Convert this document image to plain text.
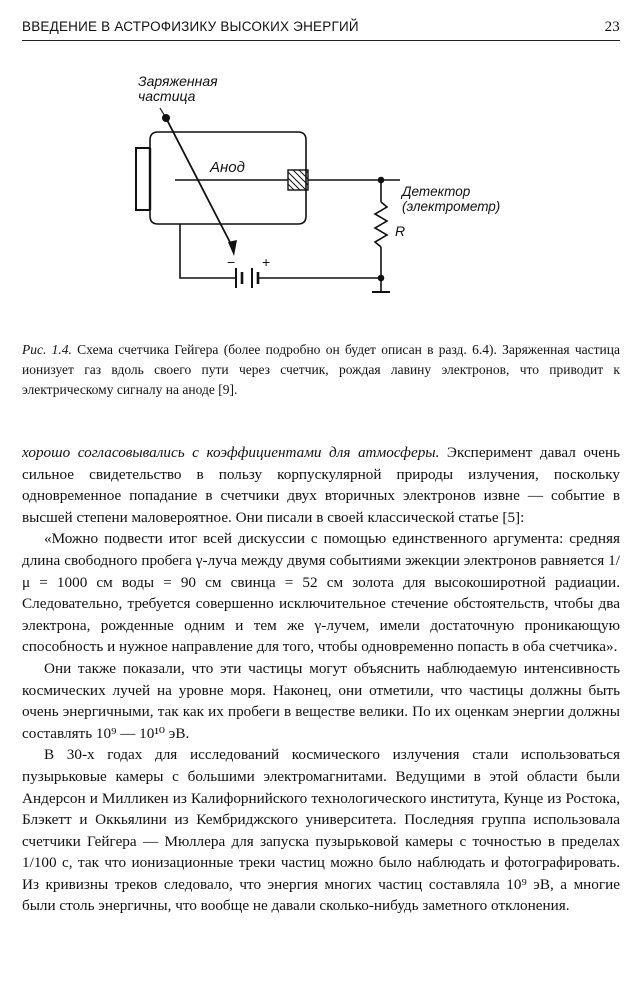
ВВЕДЕНИЕ В АСТРОФИЗИКУ ВЫСОКИХ ЭНЕРГИЙ	23
Заряженная
частица
Анод
Детектор
(электрометр)
R
− +
Рис. 1.4. Схема счетчика Гейгера (более подробно он будет описан в разд. 6.4). Заряженная частица ионизует газ вдоль своего пути через счетчик, рождая лавину электронов, что приводит к электрическому сигналу на аноде [9].

хорошо согласовывались с коэффициентами для атмосферы. Эксперимент давал очень сильное свидетельство в пользу корпускулярной природы излучения, поскольку одновременное попадание в счетчики двух вторичных электронов извне — событие в высшей степени маловероятное. Они писали в своей классической статье [5]:

«Можно подвести итог всей дискуссии с помощью единственного аргумента: средняя длина свободного пробега γ-луча между двумя событиями эжекции электронов равняется 1/μ = 1000 см воды = 90 см свинца = 52 см золота для высокоширотной радиации. Следовательно, требуется совершенно исключительное стечение обстоятельств, чтобы два электрона, рожденные одним и тем же γ-лучем, имели достаточную проникающую способность и нужное направление для того, чтобы одновременно попасть в оба счетчика».

Они также показали, что эти частицы могут объяснить наблюдаемую интенсивность космических лучей на уровне моря. Наконец, они отметили, что частицы должны быть очень энергичными, так как их пробеги в веществе велики. По их оценкам энергии должны составлять 10⁹ — 10¹⁰ эВ.

В 30-х годах для исследований космического излучения стали использоваться пузырьковые камеры с большими электромагнитами. Ведущими в этой области были Андерсон и Милликен из Калифорнийского технологического института, Кунце из Ростока, Блэкетт и Оккьялини из Кембриджского университета. Последняя группа использовала счетчики Гейгера — Мюллера для запуска пузырьковой камеры с точностью в пределах 1/100 с, так что ионизационные треки частиц можно было наблюдать и фотографировать. Из кривизны треков следовало, что энергия многих частиц составляла 10⁹ эВ, а многие были столь энергичны, что вообще не давали сколько-нибудь заметного отклонения.
